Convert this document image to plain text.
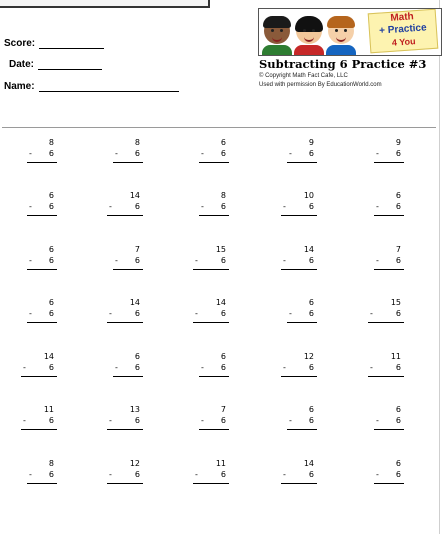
Score:
Date:
Name:
Math
+ Practice
4 You
Subtracting 6 Practice #3
© Copyright Math Fact Cafe, LLC
Used with permission By EducationWorld.com
8
- 6
8
- 6
6
- 6
9
- 6
9
- 6
6
- 6
14
-	6
8
- 6
10
-	6
6
- 6
6
- 6
7
- 6
15
-	6
14
-	6
7
- 6
6
- 6
14
-	6
14
-	6
6
- 6
15
-	6
14
-	6
6
- 6
6
- 6
12
-	6
11
-	6
11
-	6
13
-	6
7
- 6
6
- 6
6
- 6
8
- 6
12
-	6
11
-	6
14
-	6
6
- 6
